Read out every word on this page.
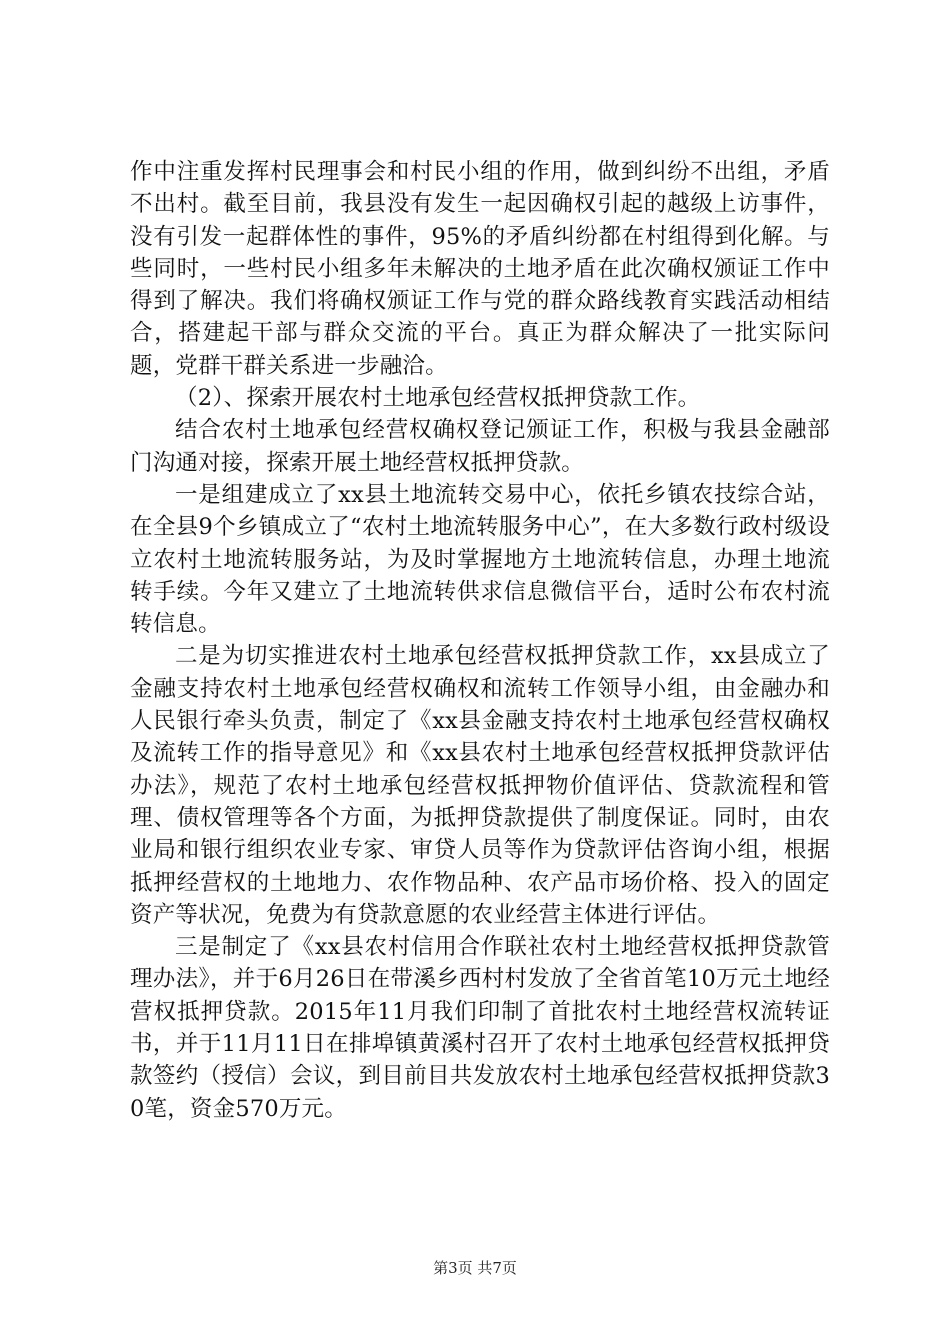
作中注重发挥村民理事会和村民小组的作用，做到纠纷不出组，矛盾不出村。截至目前，我县没有发生一起因确权引起的越级上访事件，没有引发一起群体性的事件，95%的矛盾纠纷都在村组得到化解。与些同时，一些村民小组多年未解决的土地矛盾在此次确权颁证工作中得到了解决。我们将确权颁证工作与党的群众路线教育实践活动相结合，搭建起干部与群众交流的平台。真正为群众解决了一批实际问题，党群干群关系进一步融洽。

（2）、探索开展农村土地承包经营权抵押贷款工作。

结合农村土地承包经营权确权登记颁证工作，积极与我县金融部门沟通对接，探索开展土地经营权抵押贷款。

一是组建成立了xx县土地流转交易中心，依托乡镇农技综合站，在全县9个乡镇成立了“农村土地流转服务中心”，在大多数行政村级设立农村土地流转服务站，为及时掌握地方土地流转信息，办理土地流转手续。今年又建立了土地流转供求信息微信平台，适时公布农村流转信息。

二是为切实推进农村土地承包经营权抵押贷款工作，xx县成立了金融支持农村土地承包经营权确权和流转工作领导小组，由金融办和人民银行牵头负责，制定了《xx县金融支持农村土地承包经营权确权及流转工作的指导意见》和《xx县农村土地承包经营权抵押贷款评估办法》，规范了农村土地承包经营权抵押物价值评估、贷款流程和管理、债权管理等各个方面，为抵押贷款提供了制度保证。同时，由农业局和银行组织农业专家、审贷人员等作为贷款评估咨询小组，根据抵押经营权的土地地力、农作物品种、农产品市场价格、投入的固定资产等状况，免费为有贷款意愿的农业经营主体进行评估。

三是制定了《xx县农村信用合作联社农村土地经营权抵押贷款管理办法》，并于6月26日在带溪乡西村村发放了全省首笔10万元土地经营权抵押贷款。2015年11月我们印制了首批农村土地经营权流转证书，并于11月11日在排埠镇黄溪村召开了农村土地承包经营权抵押贷款签约（授信）会议，到目前目共发放农村土地承包经营权抵押贷款30笔，资金570万元。

第3页 共7页
